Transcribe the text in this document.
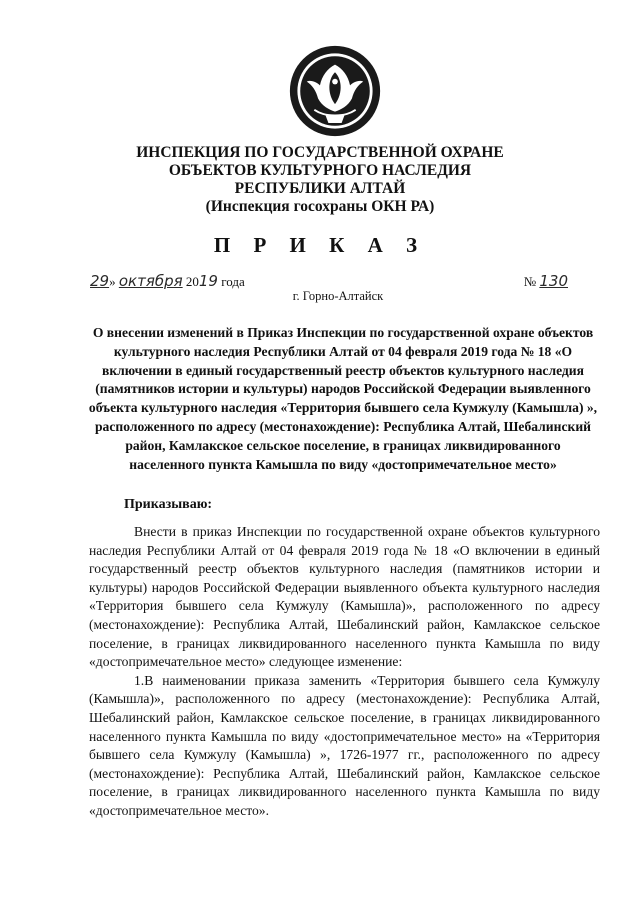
ИНСПЕКЦИЯ ПО ГОСУДАРСТВЕННОЙ ОХРАНЕ
ОБЪЕКТОВ КУЛЬТУРНОГО НАСЛЕДИЯ
РЕСПУБЛИКИ АЛТАЙ
(Инспекция госохраны ОКН РА)
П Р И К А З
29» октября 2019 года	№ 130
г. Горно-Алтайск
О внесении изменений в Приказ Инспекции по государственной охране объектов культурного наследия Республики Алтай от 04 февраля 2019 года № 18 «О включении в единый государственный реестр объектов культурного наследия (памятников истории и культуры) народов Российской Федерации выявленного объекта культурного наследия «Территория бывшего села Кумжулу (Камышла) », расположенного по адресу (местонахождение): Республика Алтай, Шебалинский район, Камлакское сельское поселение, в границах ликвидированного населенного пункта Камышла по виду «достопримечательное место»
Приказываю:

Внести в приказ Инспекции по государственной охране объектов культурного наследия Республики Алтай от 04 февраля 2019 года № 18 «О включении в единый государственный реестр объектов культурного наследия (памятников истории и культуры) народов Российской Федерации выявленного объекта культурного наследия «Территория бывшего села Кумжулу (Камышла)», расположенного по адресу (местонахождение): Республика Алтай, Шебалинский район, Камлакское сельское поселение, в границах ликвидированного населенного пункта Камышла по виду «достопримечательное место» следующее изменение:

1.В наименовании приказа заменить «Территория бывшего села Кумжулу (Камышла)», расположенного по адресу (местонахождение): Республика Алтай, Шебалинский район, Камлакское сельское поселение, в границах ликвидированного населенного пункта Камышла по виду «достопримечательное место» на «Территория бывшего села Кумжулу (Камышла) », 1726-1977 гг., расположенного по адресу (местонахождение): Республика Алтай, Шебалинский район, Камлакское сельское поселение, в границах ликвидированного населенного пункта Камышла по виду «достопримечательное место».
